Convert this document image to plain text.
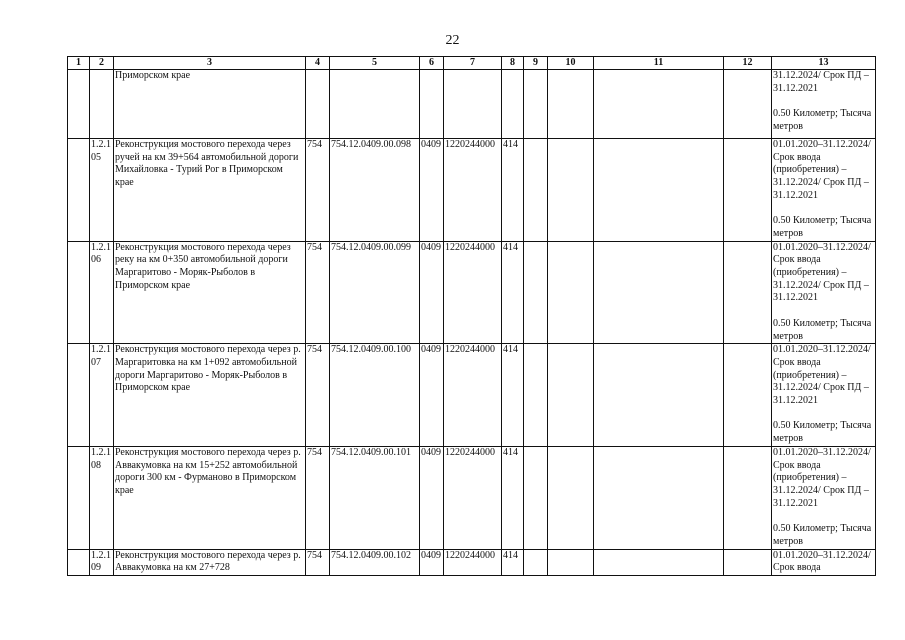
22
1	2	3	4	5	6	7	8	9	10	11	12	13
		Приморском крае										31.12.2024/ Срок ПД – 31.12.2021

0.50 Километр; Тысяча метров
	1.2.1 05	Реконструкция мостового перехода через ручей на км 39+564 автомобильной дороги Михайловка - Турий Рог в Приморском крае	754	754.12.0409.00.098	0409	1220244000	414					01.01.2020–31.12.2024/ Срок ввода (приобретения) – 31.12.2024/ Срок ПД – 31.12.2021

0.50 Километр; Тысяча метров
	1.2.1 06	Реконструкция мостового перехода через реку на км 0+350 автомобильной дороги Маргаритово - Моряк-Рыболов в Приморском крае	754	754.12.0409.00.099	0409	1220244000	414					01.01.2020–31.12.2024/ Срок ввода (приобретения) – 31.12.2024/ Срок ПД – 31.12.2021

0.50 Километр; Тысяча метров
	1.2.1 07	Реконструкция мостового перехода через р. Маргаритовка на км 1+092 автомобильной дороги Маргаритово - Моряк-Рыболов в Приморском крае	754	754.12.0409.00.100	0409	1220244000	414					01.01.2020–31.12.2024/ Срок ввода (приобретения) – 31.12.2024/ Срок ПД – 31.12.2021

0.50 Километр; Тысяча метров
	1.2.1 08	Реконструкция мостового перехода через р. Аввакумовка на км 15+252 автомобильной дороги 300 км - Фурманово в Приморском крае	754	754.12.0409.00.101	0409	1220244000	414					01.01.2020–31.12.2024/ Срок ввода (приобретения) – 31.12.2024/ Срок ПД – 31.12.2021

0.50 Километр; Тысяча метров
	1.2.1 09	Реконструкция мостового перехода через р. Аввакумовка на км 27+728	754	754.12.0409.00.102	0409	1220244000	414					01.01.2020–31.12.2024/ Срок ввода
